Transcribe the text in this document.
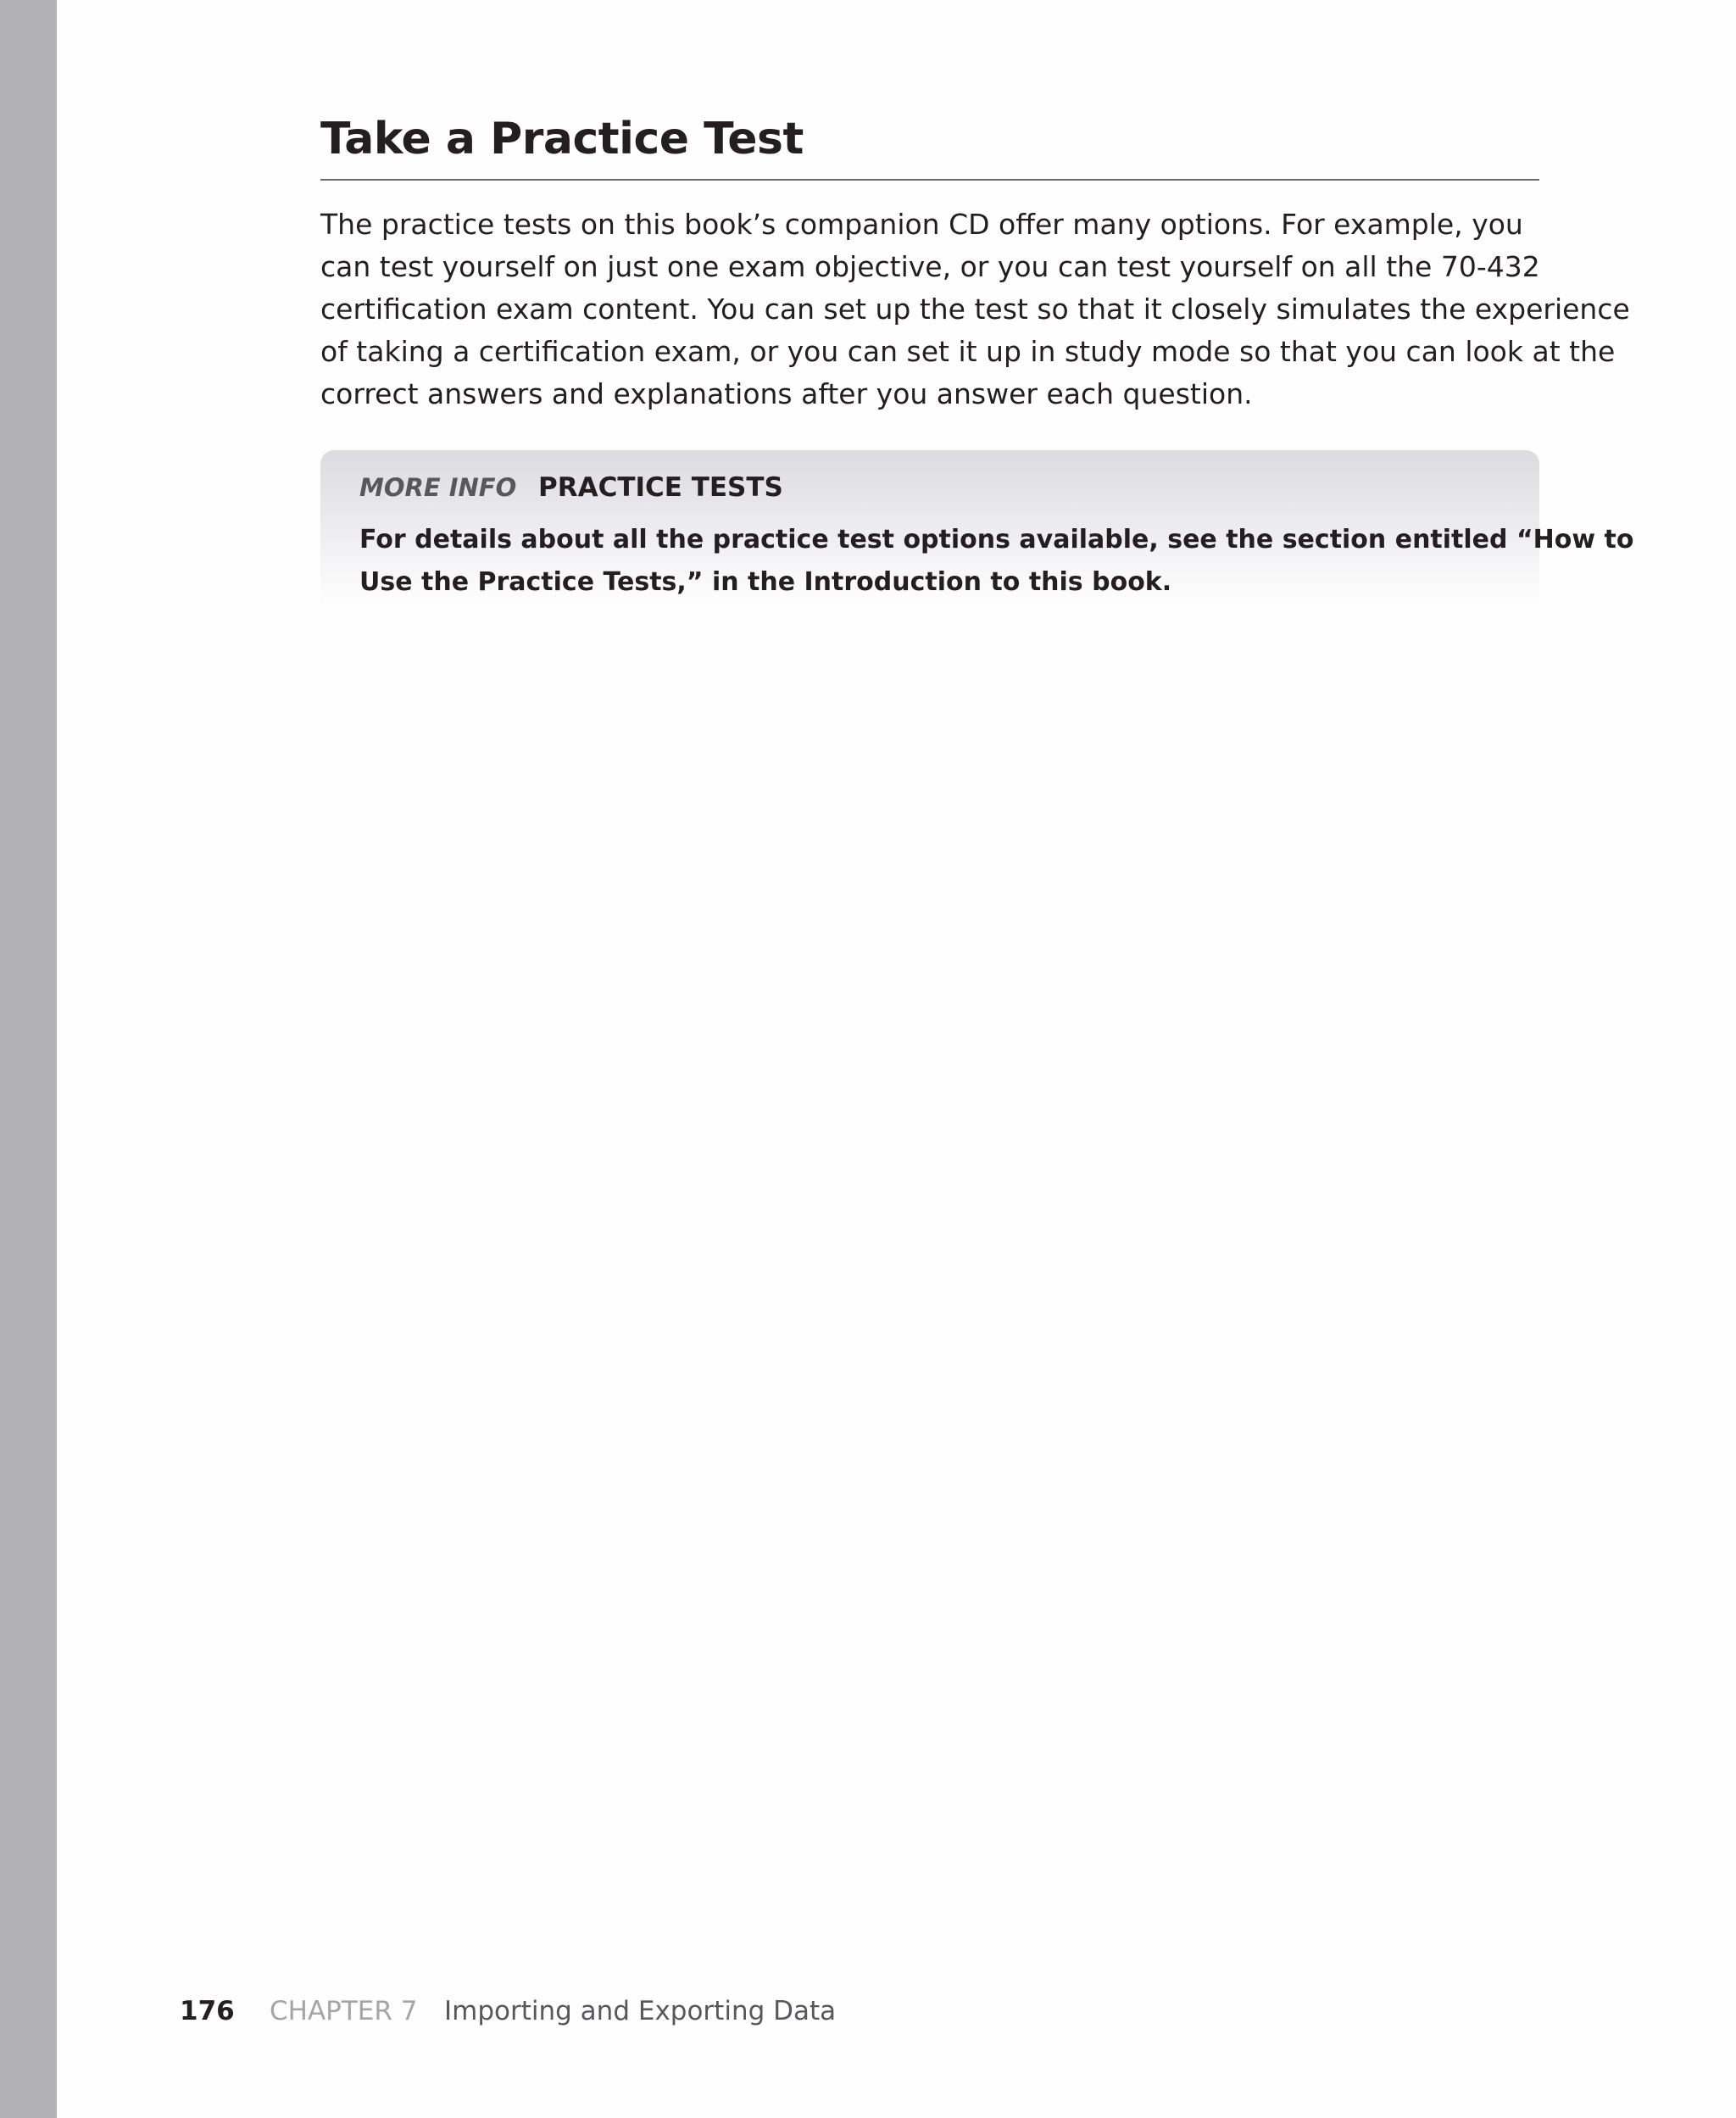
Take a Practice Test

The practice tests on this book’s companion CD offer many options. For example, you
can test yourself on just one exam objective, or you can test yourself on all the 70-432
certification exam content. You can set up the test so that it closely simulates the experience
of taking a certification exam, or you can set it up in study mode so that you can look at the
correct answers and explanations after you answer each question.

MORE INFO PRACTICE TESTS

For details about all the practice test options available, see the section entitled “How to
Use the Practice Tests,” in the Introduction to this book.

176 CHAPTER 7 Importing and Exporting Data
